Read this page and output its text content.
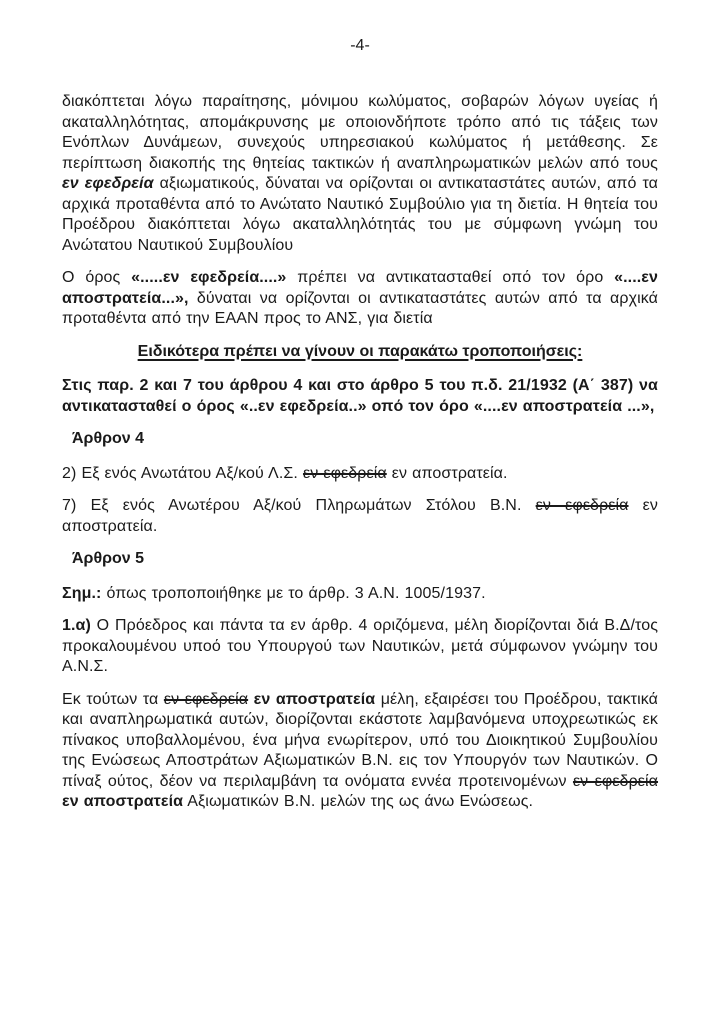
-4-
διακόπτεται λόγω παραίτησης, μόνιμου κωλύματος, σοβαρών λόγων υγείας ή ακαταλληλότητας, απομάκρυνσης με οποιονδήποτε τρόπο από τις τάξεις των Ενόπλων Δυνάμεων, συνεχούς υπηρεσιακού κωλύματος ή μετάθεσης. Σε περίπτωση διακοπής της θητείας τακτικών ή αναπληρωματικών μελών από τους εν εφεδρεία αξιωματικούς, δύναται να ορίζονται οι αντικαταστάτες αυτών, από τα αρχικά προταθέντα από το Ανώτατο Ναυτικό Συμβούλιο για τη διετία. Η θητεία του Προέδρου διακόπτεται λόγω ακαταλληλότητάς του με σύμφωνη γνώμη του Ανώτατου Ναυτικού Συμβουλίου
Ο όρος «.....εν εφεδρεία....» πρέπει να αντικατασταθεί οπό τον όρο «....εν αποστρατεία...», δύναται να ορίζονται οι αντικαταστάτες αυτών από τα αρχικά προταθέντα από την ΕΑΑΝ προς το ΑΝΣ, για διετία
Ειδικότερα πρέπει να γίνουν οι παρακάτω τροποποιήσεις:
Στις παρ. 2 και 7 του άρθρου 4 και στο άρθρο 5 του π.δ. 21/1932 (Α΄ 387) να αντικατασταθεί ο όρος «..εν εφεδρεία..» οπό τον όρο «....εν αποστρατεία ...»,
Άρθρον 4
2) Εξ ενός Ανωτάτου Αξ/κού Λ.Σ. εν εφεδρεία εν αποστρατεία.
7) Εξ ενός Ανωτέρου Αξ/κού Πληρωμάτων Στόλου Β.Ν. εν εφεδρεία εν αποστρατεία.
Άρθρον 5
Σημ.: όπως τροποποιήθηκε με το άρθρ. 3 Α.Ν. 1005/1937.
1.α) Ο Πρόεδρος και πάντα τα εν άρθρ. 4 οριζόμενα, μέλη διορίζονται διά Β.Δ/τος προκαλουμένου υποό του Υπουργού των Ναυτικών, μετά σύμφωνον γνώμην του Α.Ν.Σ.
Εκ τούτων τα εν εφεδρεία εν αποστρατεία μέλη, εξαιρέσει του Προέδρου, τακτικά και αναπληρωματικά αυτών, διορίζονται εκάστοτε λαμβανόμενα υποχρεωτικώς εκ πίνακος υποβαλλομένου, ένα μήνα ενωρίτερον, υπό του Διοικητικού Συμβουλίου της Ενώσεως Αποστράτων Αξιωματικών Β.Ν. εις τον Υπουργόν των Ναυτικών. Ο πίναξ ούτος, δέον να περιλαμβάνη τα ονόματα εννέα προτεινομένων εν εφεδρεία εν αποστρατεία Αξιωματικών Β.Ν. μελών της ως άνω Ενώσεως.
